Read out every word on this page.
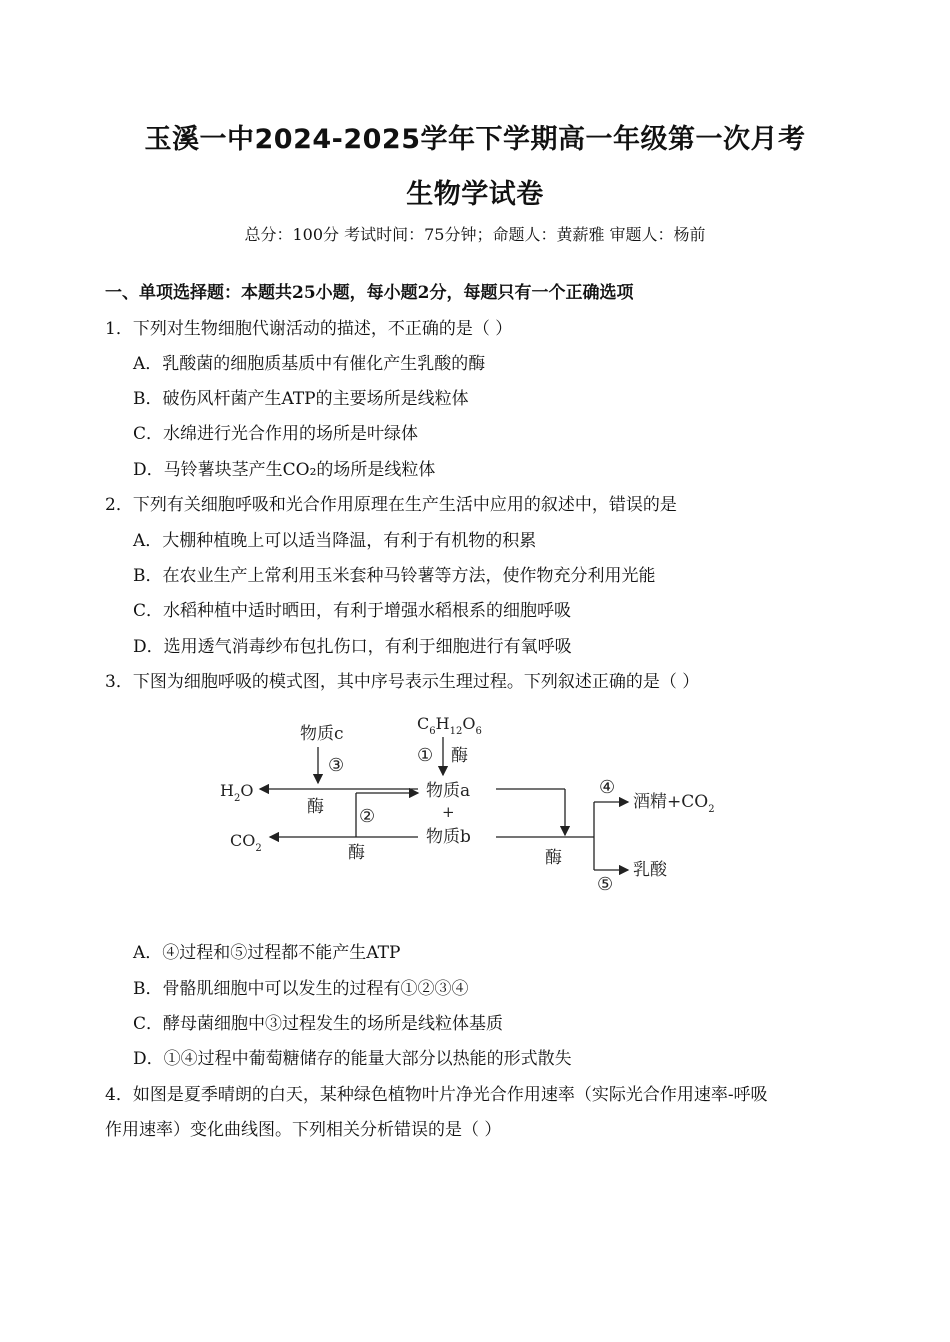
玉溪一中2024-2025学年下学期高一年级第一次月考
生物学试卷
总分：100分 考试时间：75分钟；命题人：黄薪雅 审题人：杨前
一、单项选择题：本题共25小题，每小题2分，每题只有一个正确选项
1．下列对生物细胞代谢活动的描述，不正确的是（ ）
A．乳酸菌的细胞质基质中有催化产生乳酸的酶
B．破伤风杆菌产生ATP的主要场所是线粒体
C．水绵进行光合作用的场所是叶绿体
D．马铃薯块茎产生CO₂的场所是线粒体
2．下列有关细胞呼吸和光合作用原理在生产生活中应用的叙述中，错误的是
A．大棚种植晚上可以适当降温，有利于有机物的积累
B．在农业生产上常利用玉米套种马铃薯等方法，使作物充分利用光能
C．水稻种植中适时晒田，有利于增强水稻根系的细胞呼吸
D．选用透气消毒纱布包扎伤口，有利于细胞进行有氧呼吸
3．下图为细胞呼吸的模式图，其中序号表示生理过程。下列叙述正确的是（ ）
$C_6H_{12}O_6$
① 酶
物质c
③
物质a
+
物质b
$H_2O$
酶 ②
$CO_2$	酶	酶
④
⑤
酒精$+CO_2$
乳酸
A．④过程和⑤过程都不能产生ATP
B．骨骼肌细胞中可以发生的过程有①②③④
C．酵母菌细胞中③过程发生的场所是线粒体基质
D．①④过程中葡萄糖储存的能量大部分以热能的形式散失
4．如图是夏季晴朗的白天，某种绿色植物叶片净光合作用速率（实际光合作用速率-呼吸
作用速率）变化曲线图。下列相关分析错误的是（ ）
